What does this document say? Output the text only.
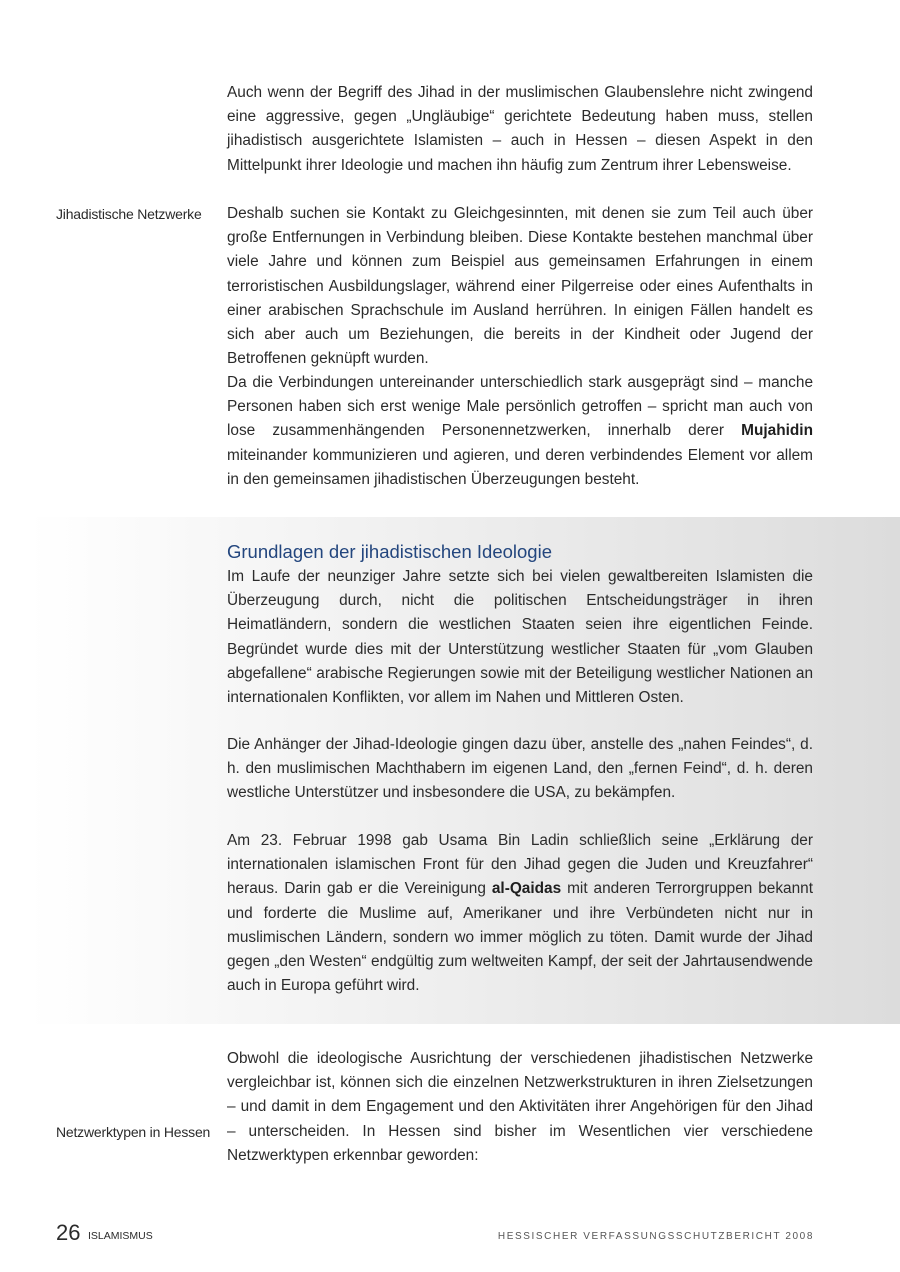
Auch wenn der Begriff des Jihad in der muslimischen Glaubenslehre nicht zwingend eine aggressive, gegen „Ungläubige“ gerichtete Bedeutung haben muss, stellen jihadistisch ausgerichtete Islamisten – auch in Hessen – diesen Aspekt in den Mittelpunkt ihrer Ideologie und machen ihn häufig zum Zentrum ihrer Lebensweise.

Jihadistische Netzwerke Deshalb suchen sie Kontakt zu Gleichgesinnten, mit denen sie zum Teil auch über große Entfernungen in Verbindung bleiben. Diese Kontakte bestehen manchmal über viele Jahre und können zum Beispiel aus gemeinsamen Erfahrungen in einem terroristischen Ausbildungslager, während einer Pilgerreise oder eines Aufenthalts in einer arabischen Sprachschule im Ausland herrühren. In einigen Fällen handelt es sich aber auch um Beziehungen, die bereits in der Kindheit oder Jugend der Betroffenen geknüpft wurden.

Da die Verbindungen untereinander unterschiedlich stark ausgeprägt sind – manche Personen haben sich erst wenige Male persönlich getroffen – spricht man auch von lose zusammenhängenden Personennetzwerken, innerhalb derer Mujahidin miteinander kommunizieren und agieren, und deren verbindendes Element vor allem in den gemeinsamen jihadistischen Überzeugungen besteht.

Grundlagen der jihadistischen Ideologie

Im Laufe der neunziger Jahre setzte sich bei vielen gewaltbereiten Islamisten die Überzeugung durch, nicht die politischen Entscheidungsträger in ihren Heimatländern, sondern die westlichen Staaten seien ihre eigentlichen Feinde. Begründet wurde dies mit der Unterstützung westlicher Staaten für „vom Glauben abgefallene“ arabische Regierungen sowie mit der Beteiligung westlicher Nationen an internationalen Konflikten, vor allem im Nahen und Mittleren Osten.

Die Anhänger der Jihad-Ideologie gingen dazu über, anstelle des „nahen Feindes“, d. h. den muslimischen Machthabern im eigenen Land, den „fernen Feind“, d. h. deren westliche Unterstützer und insbesondere die USA, zu bekämpfen.

Am 23. Februar 1998 gab Usama Bin Ladin schließlich seine „Erklärung der internationalen islamischen Front für den Jihad gegen die Juden und Kreuzfahrer“ heraus. Darin gab er die Vereinigung al-Qaidas mit anderen Terrorgruppen bekannt und forderte die Muslime auf, Amerikaner und ihre Verbündeten nicht nur in muslimischen Ländern, sondern wo immer möglich zu töten. Damit wurde der Jihad gegen „den Westen“ endgültig zum weltweiten Kampf, der seit der Jahrtausendwende auch in Europa geführt wird.

Obwohl die ideologische Ausrichtung der verschiedenen jihadistischen Netzwerke vergleichbar ist, können sich die einzelnen Netzwerkstrukturen in ihren Zielsetzungen – und damit in dem Engagement und den Aktivitäten ihrer Angehörigen für den Jihad – unterscheiden. In Hessen sind bisher im Wesentlichen vier verschiedene Netzwerktypen erkennbar geworden:

Netzwerktypen in Hessen

26 ISLAMISMUS	HESSISCHER VERFASSUNGSSCHUTZBERICHT 2008
